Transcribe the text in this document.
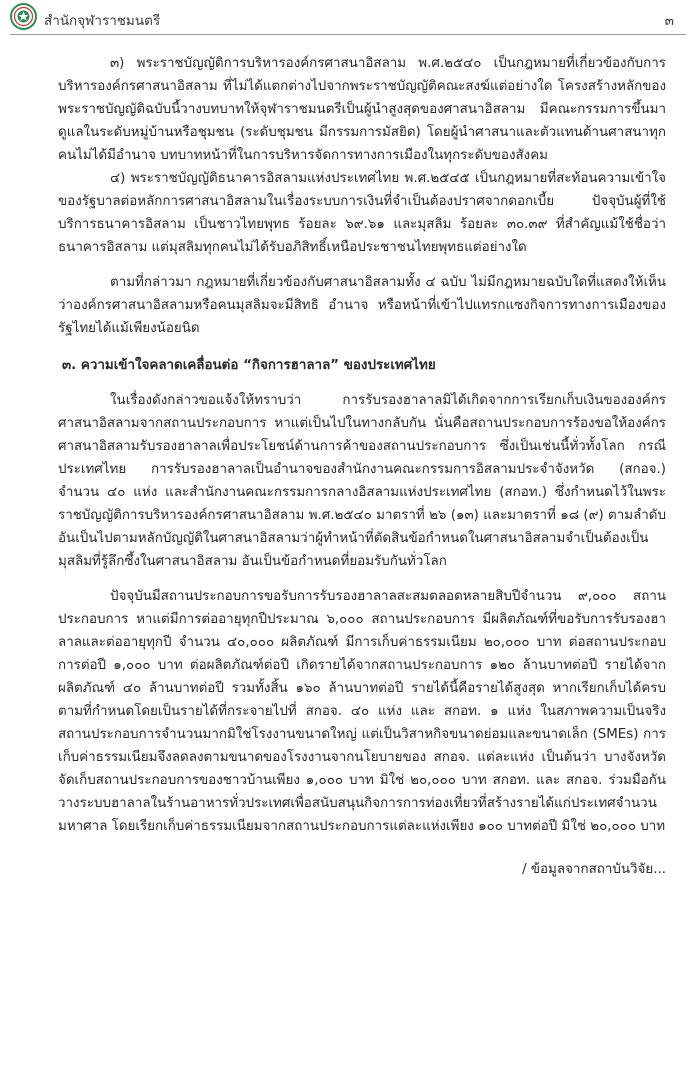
สำนักจุฬาราชมนตรี	๓

๓) พระราชบัญญัติการบริหารองค์กรศาสนาอิสลาม พ.ศ.๒๕๔๐ เป็นกฎหมายที่เกี่ยวข้องกับการบริหารองค์กรศาสนาอิสลาม ที่ไม่ได้แตกต่างไปจากพระราชบัญญัติคณะสงฆ์แต่อย่างใด โครงสร้างหลักของพระราชบัญญัติฉบับนี้วางบทบาทให้จุฬาราชมนตรีเป็นผู้นำสูงสุดของศาสนาอิสลาม มีคณะกรรมการขึ้นมาดูแลในระดับหมู่บ้านหรือชุมชน (ระดับชุมชน มีกรรมการมัสยิด) โดยผู้นำศาสนาและตัวแทนด้านศาสนาทุกคนไม่ได้มีอำนาจ บทบาทหน้าที่ในการบริหารจัดการทางการเมืองในทุกระดับของสังคม

๔) พระราชบัญญัติธนาคารอิสลามแห่งประเทศไทย พ.ศ.๒๕๔๕ เป็นกฎหมายที่สะท้อนความเข้าใจของรัฐบาลต่อหลักการศาสนาอิสลามในเรื่องระบบการเงินที่จำเป็นต้องปราศจากดอกเบี้ย ปัจจุบันผู้ที่ใช้บริการธนาคารอิสลาม เป็นชาวไทยพุทธ ร้อยละ ๖๙.๖๑ และมุสลิม ร้อยละ ๓๐.๓๙ ที่สำคัญแม้ใช้ชื่อว่าธนาคารอิสลาม แต่มุสลิมทุกคนไม่ได้รับอภิสิทธิ์เหนือประชาชนไทยพุทธแต่อย่างใด

ตามที่กล่าวมา กฎหมายที่เกี่ยวข้องกับศาสนาอิสลามทั้ง ๔ ฉบับ ไม่มีกฎหมายฉบับใดที่แสดงให้เห็นว่าองค์กรศาสนาอิสลามหรือคนมุสลิมจะมีสิทธิ อำนาจ หรือหน้าที่เข้าไปแทรกแซงกิจการทางการเมืองของรัฐไทยได้แม้เพียงน้อยนิด

๓. ความเข้าใจคลาดเคลื่อนต่อ “กิจการฮาลาล” ของประเทศไทย

ในเรื่องดังกล่าวขอแจ้งให้ทราบว่า การรับรองฮาลาลมิได้เกิดจากการเรียกเก็บเงินขององค์กรศาสนาอิสลามจากสถานประกอบการ หาแต่เป็นไปในทางกลับกัน นั่นคือสถานประกอบการร้องขอให้องค์กรศาสนาอิสลามรับรองฮาลาลเพื่อประโยชน์ด้านการค้าของสถานประกอบการ ซึ่งเป็นเช่นนี้ทั่วทั้งโลก กรณีประเทศไทย การรับรองฮาลาลเป็นอำนาจของสำนักงานคณะกรรมการอิสลามประจำจังหวัด (สกอจ.) จำนวน ๔๐ แห่ง และสำนักงานคณะกรรมการกลางอิสลามแห่งประเทศไทย (สกอท.) ซึ่งกำหนดไว้ในพระราชบัญญัติการบริหารองค์กรศาสนาอิสลาม พ.ศ.๒๕๔๐ มาตราที่ ๒๖ (๑๓) และมาตราที่ ๑๘ (๙) ตามลำดับ อันเป็นไปตามหลักบัญญัติในศาสนาอิสลามว่าผู้ทำหน้าที่ตัดสินข้อกำหนดในศาสนาอิสลามจำเป็นต้องเป็นมุสลิมที่รู้ลึกซึ้งในศาสนาอิสลาม อันเป็นข้อกำหนดที่ยอมรับกันทั่วโลก

ปัจจุบันมีสถานประกอบการขอรับการรับรองฮาลาลสะสมตลอดหลายสิบปีจำนวน ๙,๐๐๐ สถานประกอบการ หาแต่มีการต่ออายุทุกปีประมาณ ๖,๐๐๐ สถานประกอบการ มีผลิตภัณฑ์ที่ขอรับการรับรองฮาลาลและต่ออายุทุกปี จำนวน ๔๐,๐๐๐ ผลิตภัณฑ์ มีการเก็บค่าธรรมเนียม ๒๐,๐๐๐ บาท ต่อสถานประกอบการต่อปี ๑,๐๐๐ บาท ต่อผลิตภัณฑ์ต่อปี เกิดรายได้จากสถานประกอบการ ๑๒๐ ล้านบาทต่อปี รายได้จากผลิตภัณฑ์ ๔๐ ล้านบาทต่อปี รวมทั้งสิ้น ๑๖๐ ล้านบาทต่อปี รายได้นี้คือรายได้สูงสุด หากเรียกเก็บได้ครบตามที่กำหนดโดยเป็นรายได้ที่กระจายไปที่ สกอจ. ๔๐ แห่ง และ สกอท. ๑ แห่ง ในสภาพความเป็นจริง สถานประกอบการจำนวนมากมิใช่โรงงานขนาดใหญ่ แต่เป็นวิสาหกิจขนาดย่อมและขนาดเล็ก (SMEs) การเก็บค่าธรรมเนียมจึงลดลงตามขนาดของโรงงานจากนโยบายของ สกอจ. แต่ละแห่ง เป็นต้นว่า บางจังหวัดจัดเก็บสถานประกอบการของชาวบ้านเพียง ๑,๐๐๐ บาท มิใช่ ๒๐,๐๐๐ บาท สกอท. และ สกอจ. ร่วมมือกันวางระบบฮาลาลในร้านอาหารทั่วประเทศเพื่อสนับสนุนกิจการการท่องเที่ยวที่สร้างรายได้แก่ประเทศจำนวนมหาศาล โดยเรียกเก็บค่าธรรมเนียมจากสถานประกอบการแต่ละแห่งเพียง ๑๐๐ บาทต่อปี มิใช่ ๒๐,๐๐๐ บาท

/ ข้อมูลจากสถาบันวิจัย...
